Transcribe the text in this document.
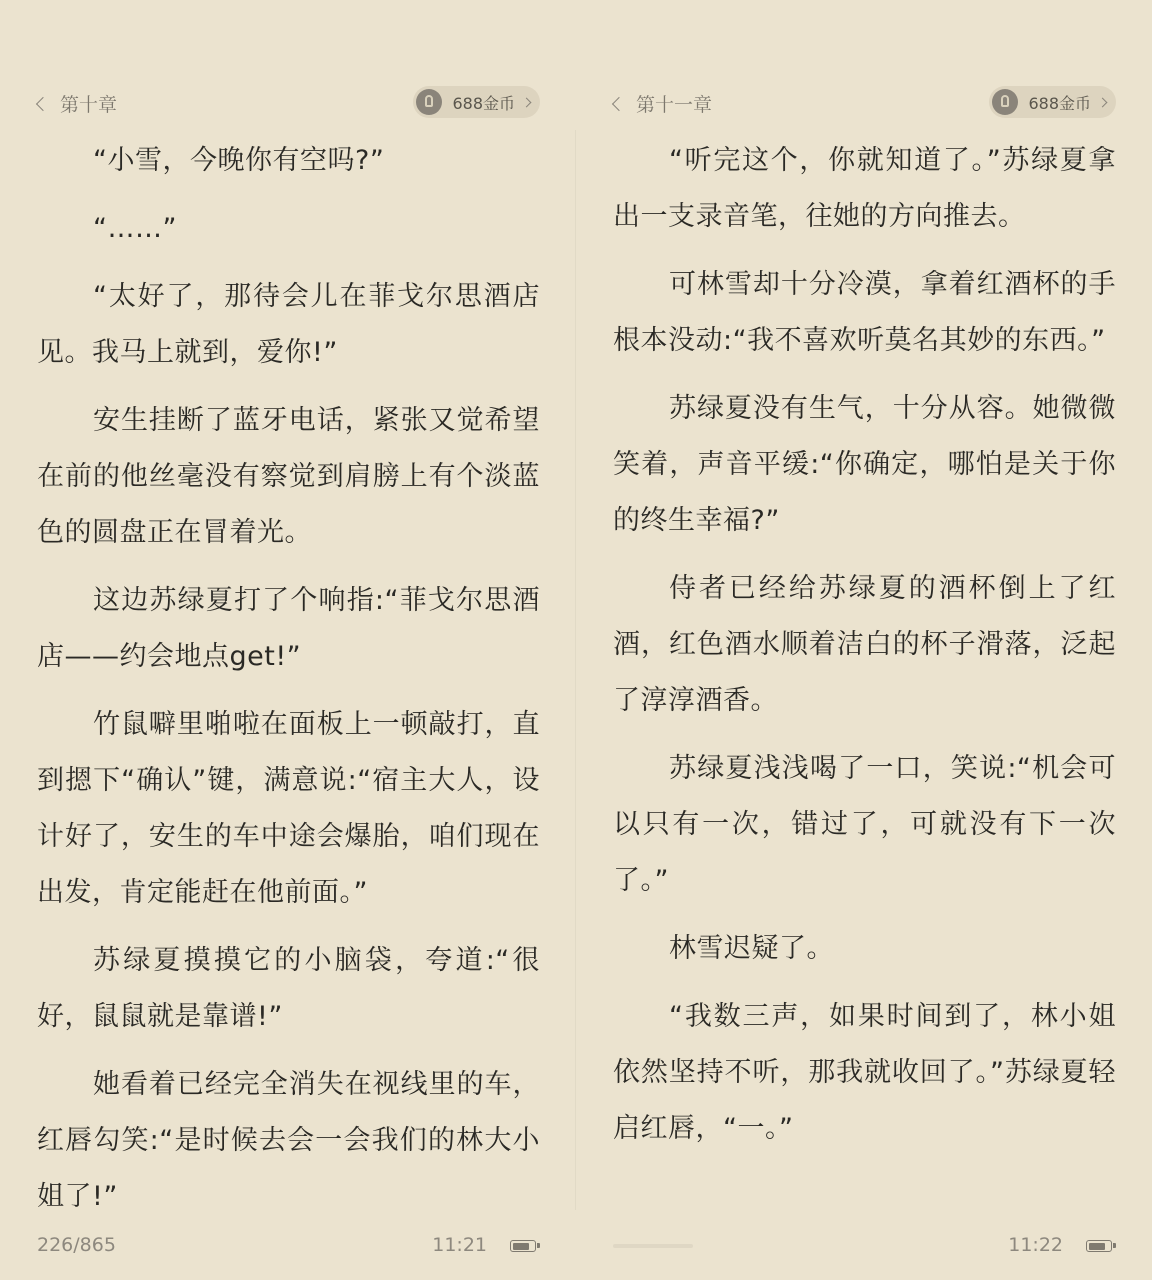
第十章	688金币

“小雪，今晚你有空吗?”

“……”

“太好了，那待会儿在菲戈尔思酒店见。我马上就到，爱你!”

安生挂断了蓝牙电话，紧张又觉希望在前的他丝毫没有察觉到肩膀上有个淡蓝色的圆盘正在冒着光。

这边苏绿夏打了个响指:“菲戈尔思酒店——约会地点get!”

竹鼠噼里啪啦在面板上一顿敲打，直到摁下“确认”键，满意说:“宿主大人，设计好了，安生的车中途会爆胎，咱们现在出发，肯定能赶在他前面。”

苏绿夏摸摸它的小脑袋，夸道:“很好，鼠鼠就是靠谱!”

她看着已经完全消失在视线里的车，红唇勾笑:“是时候去会一会我们的林大小姐了!”

226/865	11:21
第十一章	688金币

“听完这个，你就知道了。”苏绿夏拿出一支录音笔，往她的方向推去。

可林雪却十分冷漠，拿着红酒杯的手根本没动:“我不喜欢听莫名其妙的东西。”

苏绿夏没有生气，十分从容。她微微笑着，声音平缓:“你确定，哪怕是关于你的终生幸福?”

侍者已经给苏绿夏的酒杯倒上了红酒，红色酒水顺着洁白的杯子滑落，泛起了淳淳酒香。

苏绿夏浅浅喝了一口，笑说:“机会可以只有一次，错过了，可就没有下一次了。”

林雪迟疑了。

“我数三声，如果时间到了，林小姐依然坚持不听，那我就收回了。”苏绿夏轻启红唇，“一。”

11:22
